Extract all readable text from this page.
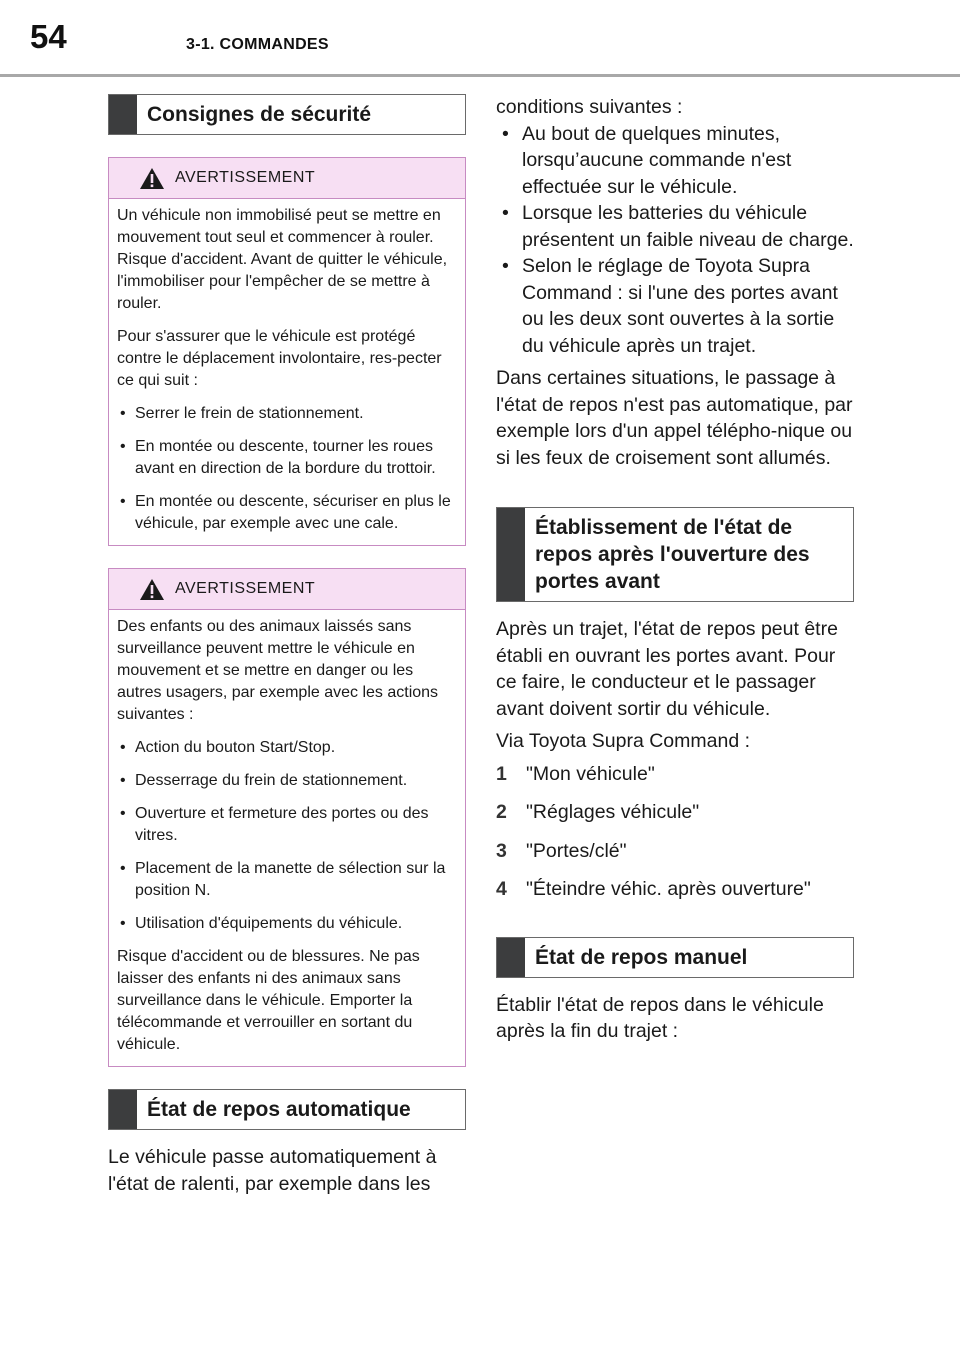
54	3-1. COMMANDES
Consignes de sécurité
AVERTISSEMENT

Un véhicule non immobilisé peut se mettre en mouvement tout seul et commencer à rouler. Risque d'accident. Avant de quitter le véhicule, l'immobiliser pour l'empêcher de se mettre à rouler.

Pour s'assurer que le véhicule est protégé contre le déplacement involontaire, res-pecter ce qui suit :

• Serrer le frein de stationnement.
• En montée ou descente, tourner les roues avant en direction de la bordure du trottoir.
• En montée ou descente, sécuriser en plus le véhicule, par exemple avec une cale.
AVERTISSEMENT

Des enfants ou des animaux laissés sans surveillance peuvent mettre le véhicule en mouvement et se mettre en danger ou les autres usagers, par exemple avec les actions suivantes :

• Action du bouton Start/Stop.
• Desserrage du frein de stationnement.
• Ouverture et fermeture des portes ou des vitres.
• Placement de la manette de sélection sur la position N.
• Utilisation d'équipements du véhicule.

Risque d'accident ou de blessures. Ne pas laisser des enfants ni des animaux sans surveillance dans le véhicule. Emporter la télécommande et verrouiller en sortant du véhicule.

État de repos automatique

Le véhicule passe automatiquement à l'état de ralenti, par exemple dans les

conditions suivantes :

• Au bout de quelques minutes, lorsqu’aucune commande n'est effectuée sur le véhicule.
• Lorsque les batteries du véhicule présentent un faible niveau de charge.
• Selon le réglage de Toyota Supra Command : si l'une des portes avant ou les deux sont ouvertes à la sortie du véhicule après un trajet.

Dans certaines situations, le passage à l'état de repos n'est pas automatique, par exemple lors d'un appel télépho-nique ou si les feux de croisement sont allumés.

Établissement de l'état de repos après l'ouverture des portes avant

Après un trajet, l'état de repos peut être établi en ouvrant les portes avant. Pour ce faire, le conducteur et le passager avant doivent sortir du véhicule.

Via Toyota Supra Command :

1 "Mon véhicule"
2 "Réglages véhicule"
3 "Portes/clé"
4 "Éteindre véhic. après ouverture"
État de repos manuel

Établir l'état de repos dans le véhicule après la fin du trajet :
